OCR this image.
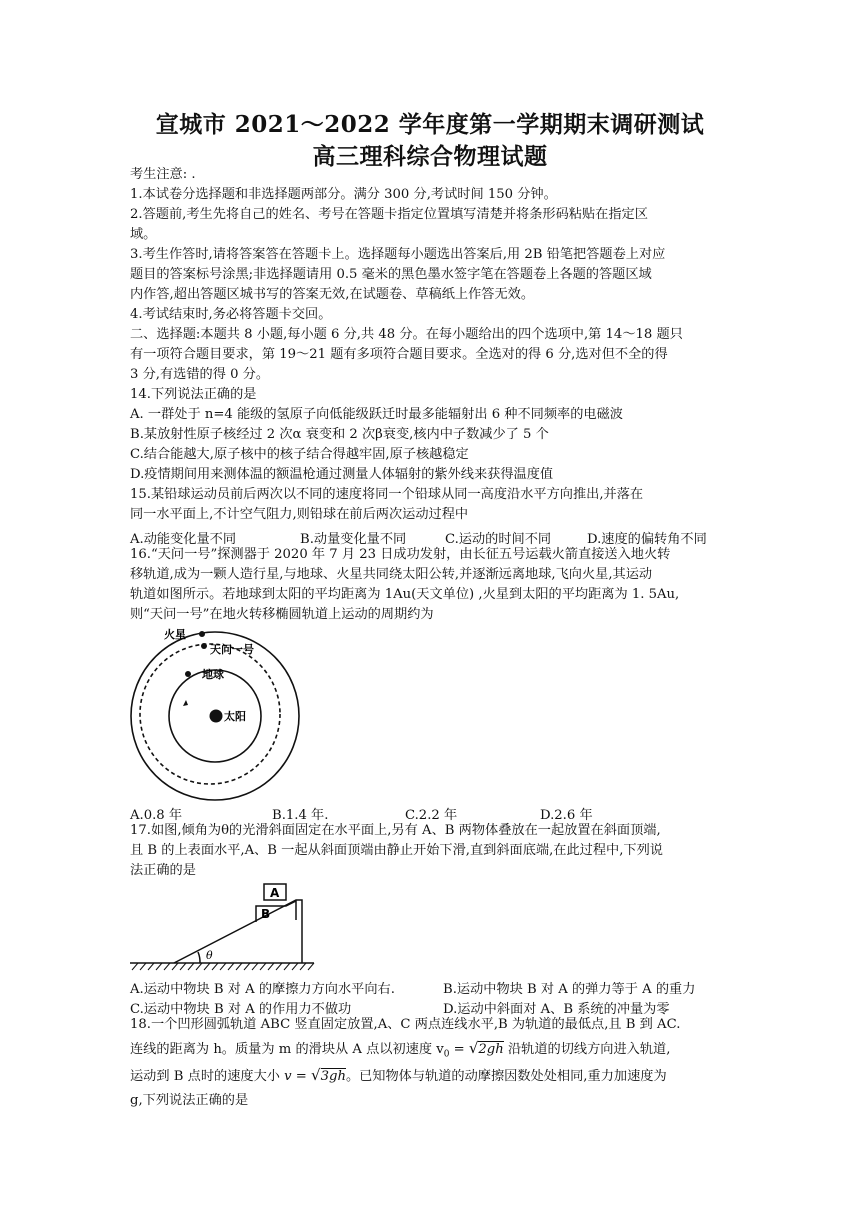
宣城市 2021～2022 学年度第一学期期末调研测试
高三理科综合物理试题
考生注意: .
1.本试卷分选择题和非选择题两部分。满分 300 分,考试时间 150 分钟。
2.答题前,考生先将自己的姓名、考号在答题卡指定位置填写清楚并将条形码粘贴在指定区
域。
3.考生作答时,请将答案答在答题卡上。选择题每小题选出答案后,用 2B 铅笔把答题卷上对应
题目的答案标号涂黑;非选择题请用 0.5 毫米的黑色墨水签字笔在答题卷上各题的答题区域
内作答,超出答题区城书写的答案无效,在试题卷、草稿纸上作答无效。
4.考试结束时,务必将答题卡交回。
二、选择题:本题共 8 小题,每小题 6 分,共 48 分。在每小题给出的四个选项中,第 14～18 题只
有一项符合题目要求，第 19～21 题有多项符合题目要求。全选对的得 6 分,选对但不全的得
3 分,有选错的得 0 分。
14.下列说法正确的是
A. 一群处于 n=4 能级的氢原子向低能级跃迁时最多能辐射出 6 种不同频率的电磁波
B.某放射性原子核经过 2 次α 衰变和 2 次β衰变,核内中子数减少了 5 个
C.结合能越大,原子核中的核子结合得越牢固,原子核越稳定
D.疫情期间用来测体温的额温枪通过测量人体辐射的紫外线来获得温度值
15.某铅球运动员前后两次以不同的速度将同一个铅球从同一高度沿水平方向推出,并落在
同一水平面上,不计空气阻力,则铅球在前后两次运动过程中
A.动能变化量不同	B.动量变化量不同	C.运动的时间不同	D.速度的偏转角不同
16.“天问一号”探测器于 2020 年 7 月 23 日成功发射，由长征五号运载火箭直接送入地火转
移轨道,成为一颗人造行星,与地球、火星共同绕太阳公转,并逐渐远离地球,飞向火星,其运动
轨道如图所示。若地球到太阳的平均距离为 1Au(天文单位) ,火星到太阳的平均距离为 1. 5Au,
则“天问一号”在地火转移椭圆轨道上运动的周期约为
火星
天问一号
地球
太阳
A.0.8 年	B.1.4 年.	C.2.2 年	D.2.6 年
17.如图,倾角为θ的光滑斜面固定在水平面上,另有 A、B 两物体叠放在一起放置在斜面顶端,
且 B 的上表面水平,A、B 一起从斜面顶端由静止开始下滑,直到斜面底端,在此过程中,下列说
法正确的是
A
B
θ
A.运动中物块 B 对 A 的摩擦力方向水平向右.	B.运动中物块 B 对 A 的弹力等于 A 的重力
C.运动中物块 B 对 A 的作用力不做功	D.运动中斜面对 A、B 系统的冲量为零
18.一个凹形圆弧轨道 ABC 竖直固定放置,A、C 两点连线水平,B 为轨道的最低点,且 B 到 AC.
连线的距离为 h。质量为 m 的滑块从 A 点以初速度 $v_0 = √2gh$ 沿轨道的切线方向进入轨道,
运动到 B 点时的速度大小 v = √3gh。已知物体与轨道的动摩擦因数处处相同,重力加速度为
g,下列说法正确的是
